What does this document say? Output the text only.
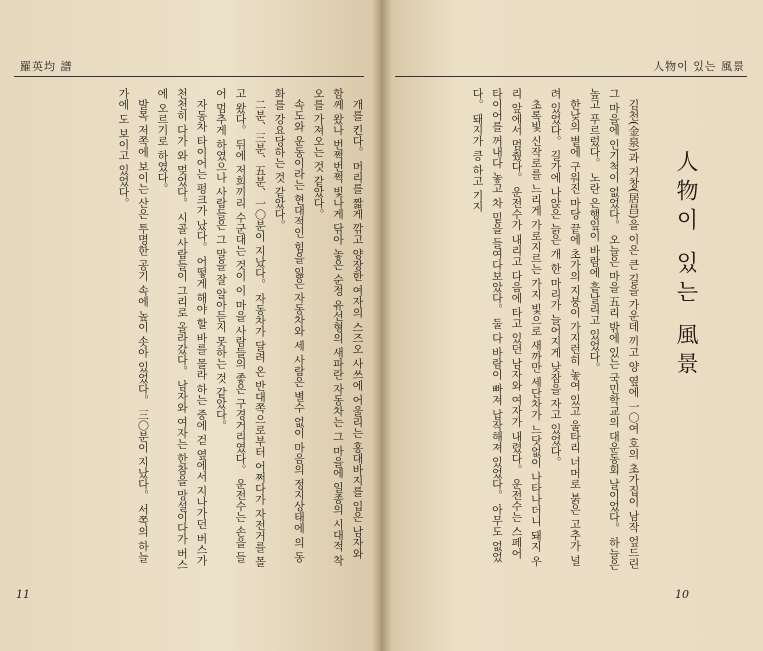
羅英均 譜

개를 킨다。 머리를 짧게 깎고 양장한 여자의 스즈오 사쓰에 어울리는 홍대바지를 입은 남자와 함께 왔나 번쩍번쩍 빛나게 닦아 놓은 순정 유선형의 새파란 자동차는 그 마을에 일종의 시대적 착오를 가져오는 것 같았다。

속도와 운동이라는 현대적인 힘을 잃은 자동차와 세 사람은 별수 없이 마음의 정지상태에 의 동화를 강요당하는 것 같았다。

二분、三분、五분、一〇분이 지났다。 자동차가 달려 온 반대쪽으로부터 어쩌다가 자전거를 몰고 왔다。 뒤에 저희끼리 수군대는 것이 이 마을 사람들의 좋은 구경거리였다。 운전수는 손을 들어 멈추게 하였으나 사람들은 그 말을 잘 알아듣지 못하는 것 같았다。

자동차 타이어는 펑크가 났다。 어떻게 해야 할 바를 몰라 하는 중에 걷 옆에서 지나가던 버스가 천천히 다가 와 멎었다。 시골 사람들이 그리로 올라갔다。 남자와 여자는 한참을 망설이다가 버스에 오르기로 하였다。

발목 저쪽에 보이는 산은 투명한 공기 속에 높이 솟아 있었다。 三〇분이 지났다。 서쪽의 하늘 가에 도 보이고 있었다。

11
人物이 있는 風景
人物이 있는 風景

김천(金泉)과 거창(居昌)을 이은 큰 길을 가운데 끼고 양 옆에 一〇여 호의 초가집이 남작 엎드린 그 마을에 인기척이 없었다。 오늘은 마을 五리 밖에 있는 국민학교의 대운동회 날이었다。 하늘은 높고 푸르렀다。 노란 은행잎이 바람에 흩날리고 있었다。

한낮의 볕에 구워진 마당 끝에 초가의 지붕이 가지런히 놓여 있고 울타리 너머로 붉은 고추가 널려 있었다。 길가에 나앉은 늙은 개 한 마리가 늘어지게 낮잠을 자고 있었다。

초록빛 신작로를 느리게 가로지르는 가지 빛으로 새까만 세단차가 느닷없이 나타나더니 돼지 우리 앞에서 멈췄다。 운전수가 내리고 다음에 타고 있던 남자와 여자가 내렸다。 운전수는 스페어 타이어를 꺼내다 놓고 차 밑을 들여다보았다。 둘 다 바람이 빠져 납작해져 있었다。 아무도 없었다。 돼지가 킁 하고 기지

10
